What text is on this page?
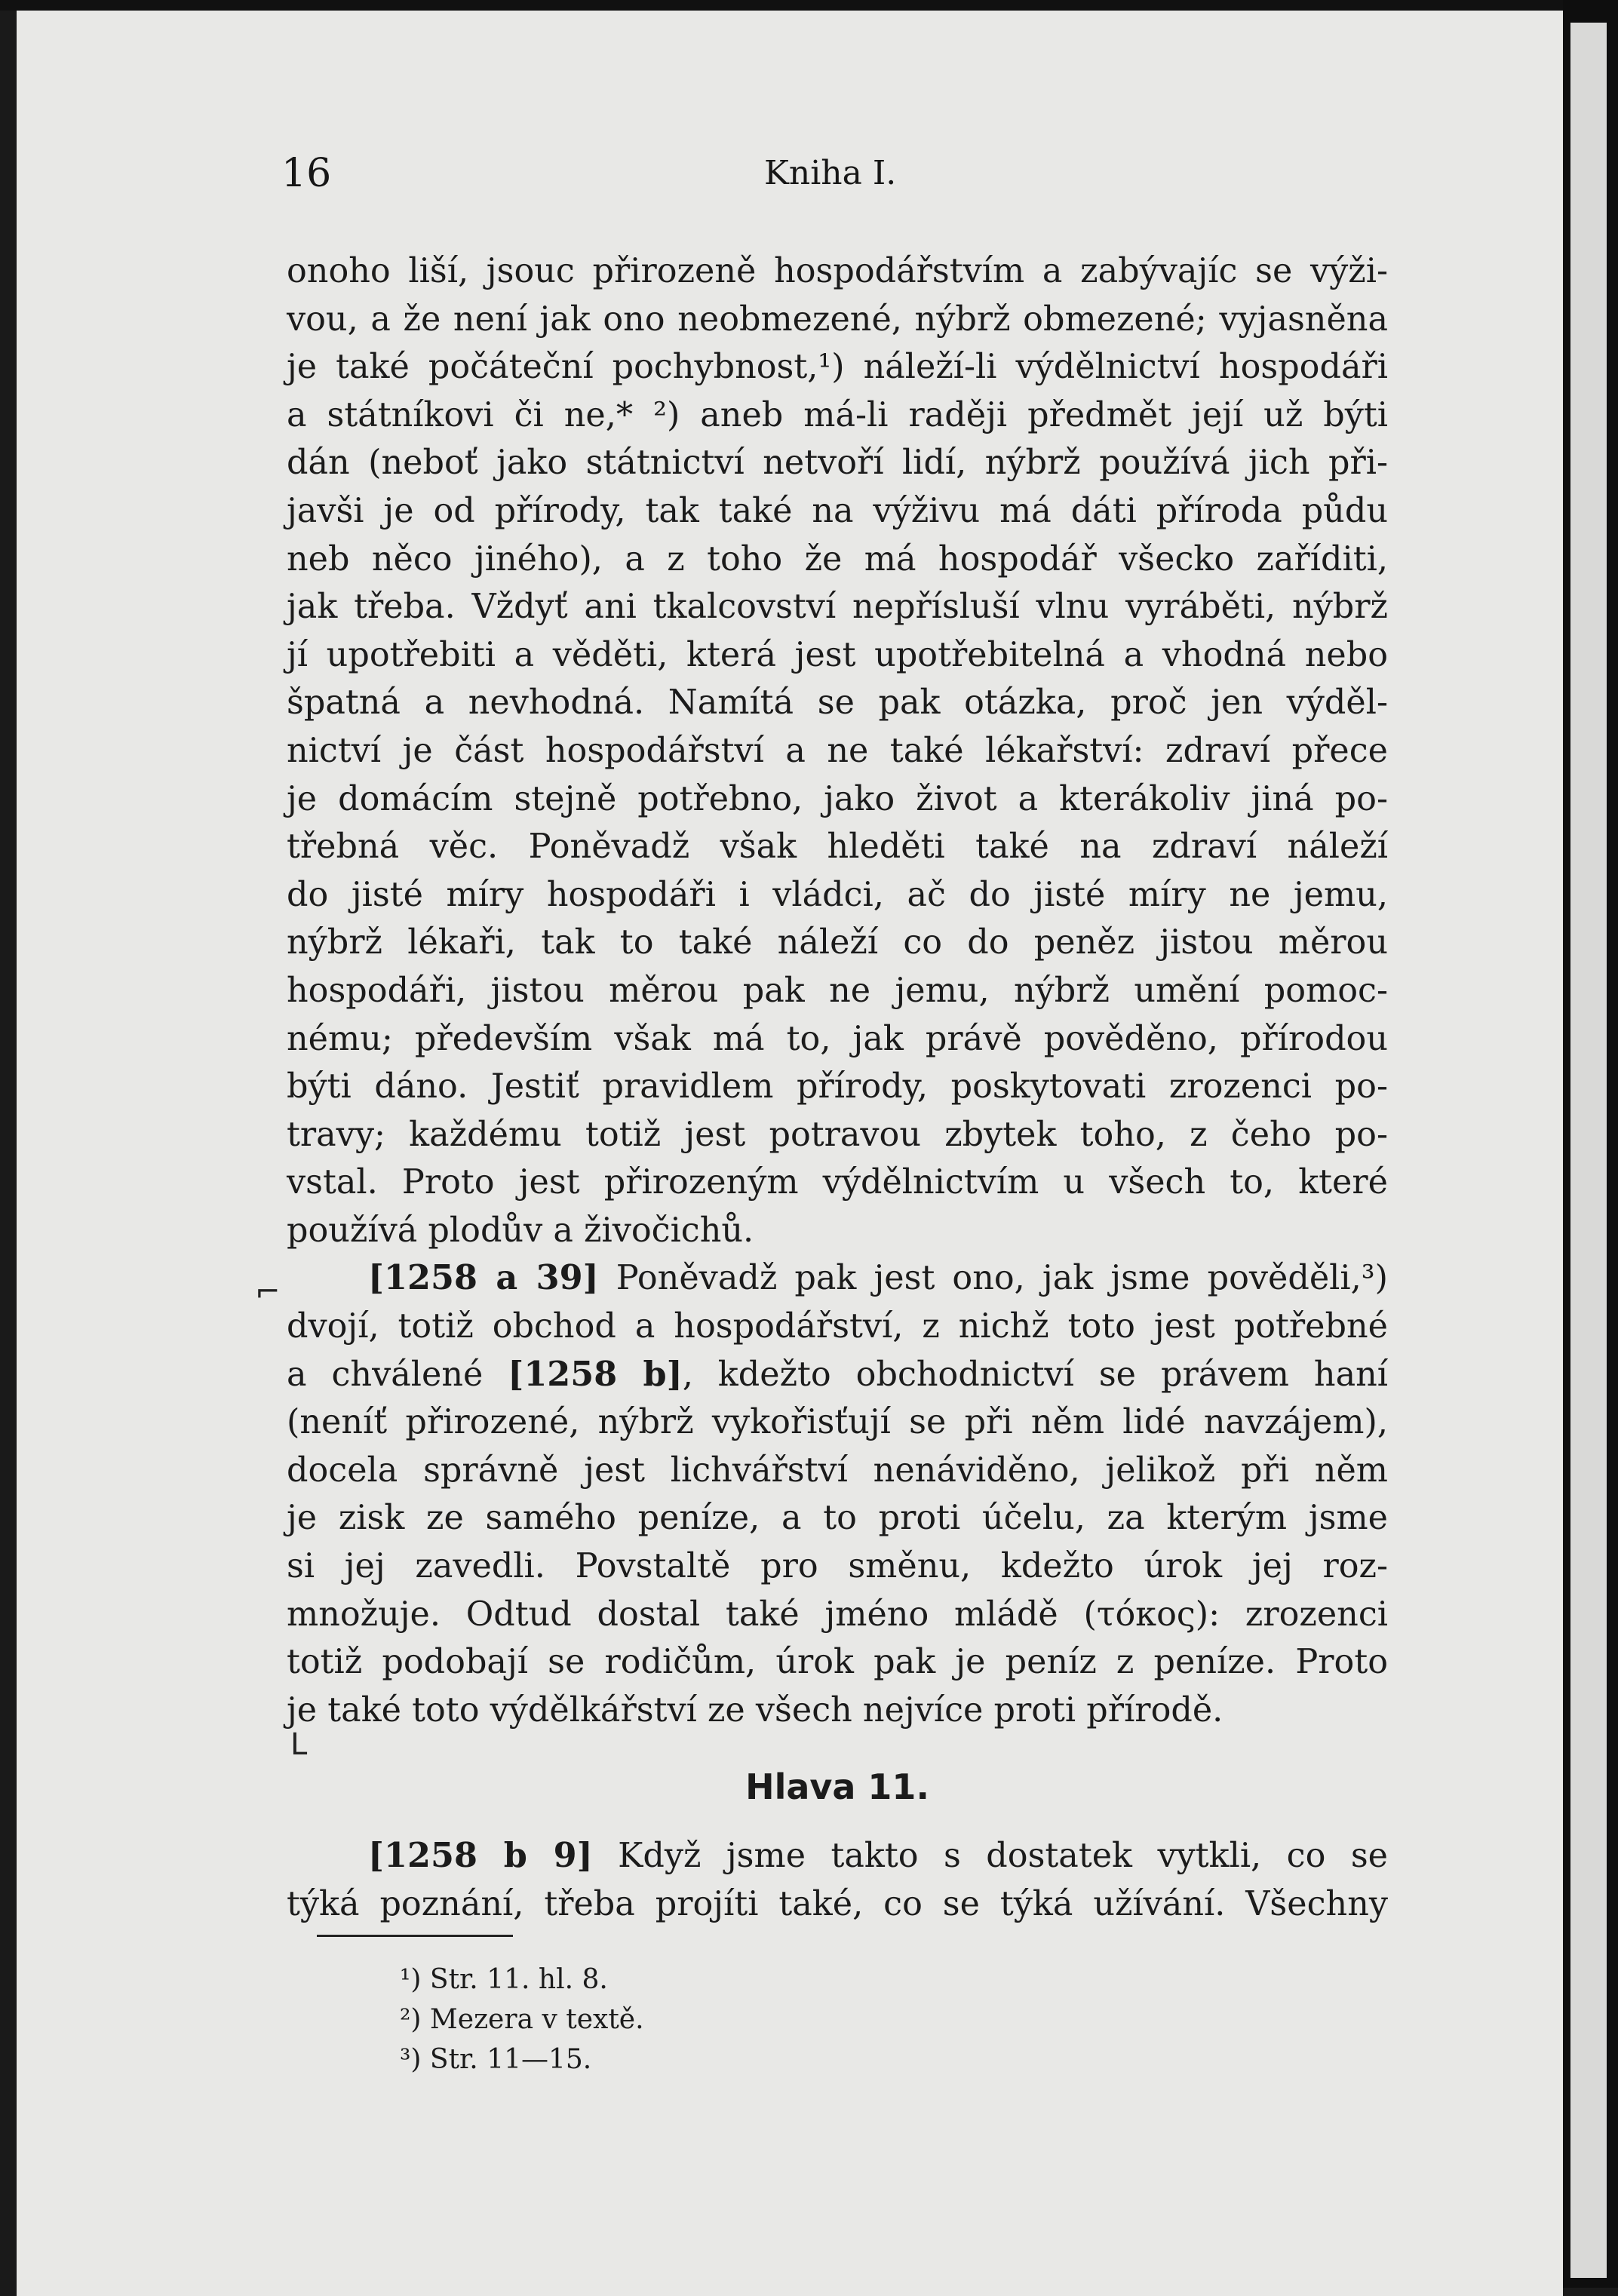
16	Kniha I.
onoho liší, jsouc přirozeně hospodářstvím a zabývajíc se výži-
vou, a že není jak ono neobmezené, nýbrž obmezené; vyjasněna
je také počáteční pochybnost,¹) náleží-li výdělnictví hospodáři
a státníkovi či ne,* ²) aneb má-li raději předmět její už býti
dán (neboť jako státnictví netvoří lidí, nýbrž používá jich při-
javši je od přírody, tak také na výživu má dáti příroda půdu
neb něco jiného), a z toho že má hospodář všecko zaříditi,
jak třeba. Vždyť ani tkalcovství nepřísluší vlnu vyráběti, nýbrž
jí upotřebiti a věděti, která jest upotřebitelná a vhodná nebo
špatná a nevhodná. Namítá se pak otázka, proč jen výděl-
nictví je část hospodářství a ne také lékařství: zdraví přece
je domácím stejně potřebno, jako život a kterákoliv jiná po-
třebná věc. Poněvadž však hleděti také na zdraví náleží
do jisté míry hospodáři i vládci, ač do jisté míry ne jemu,
nýbrž lékaři, tak to také náleží co do peněz jistou měrou
hospodáři, jistou měrou pak ne jemu, nýbrž umění pomoc-
nému; především však má to, jak právě pověděno, přírodou
býti dáno. Jestiť pravidlem přírody, poskytovati zrozenci po-
travy; každému totiž jest potravou zbytek toho, z čeho po-
vstal. Proto jest přirozeným výdělnictvím u všech to, které
používá plodův a živočichů.
[1258 a 39] Poněvadž pak jest ono, jak jsme pověděli,³)
dvojí, totiž obchod a hospodářství, z nichž toto jest potřebné
a chválené [1258 b], kdežto obchodnictví se právem haní
(neníť přirozené, nýbrž vykořisťují se při něm lidé navzájem),
docela správně jest lichvářství nenáviděno, jelikož při něm
je zisk ze samého peníze, a to proti účelu, za kterým jsme
si jej zavedli. Povstaltě pro směnu, kdežto úrok jej roz-
množuje. Odtud dostal také jméno mládě (τόκος): zrozenci
totiž podobají se rodičům, úrok pak je peníz z peníze. Proto
je také toto výdělkářství ze všech nejvíce proti přírodě.
Hlava 11.
[1258 b 9] Když jsme takto s dostatek vytkli, co se
týká poznání, třeba projíti také, co se týká užívání. Všechny
⌐
L
¹) Str. 11. hl. 8.
²) Mezera v textě.
³) Str. 11—15.
